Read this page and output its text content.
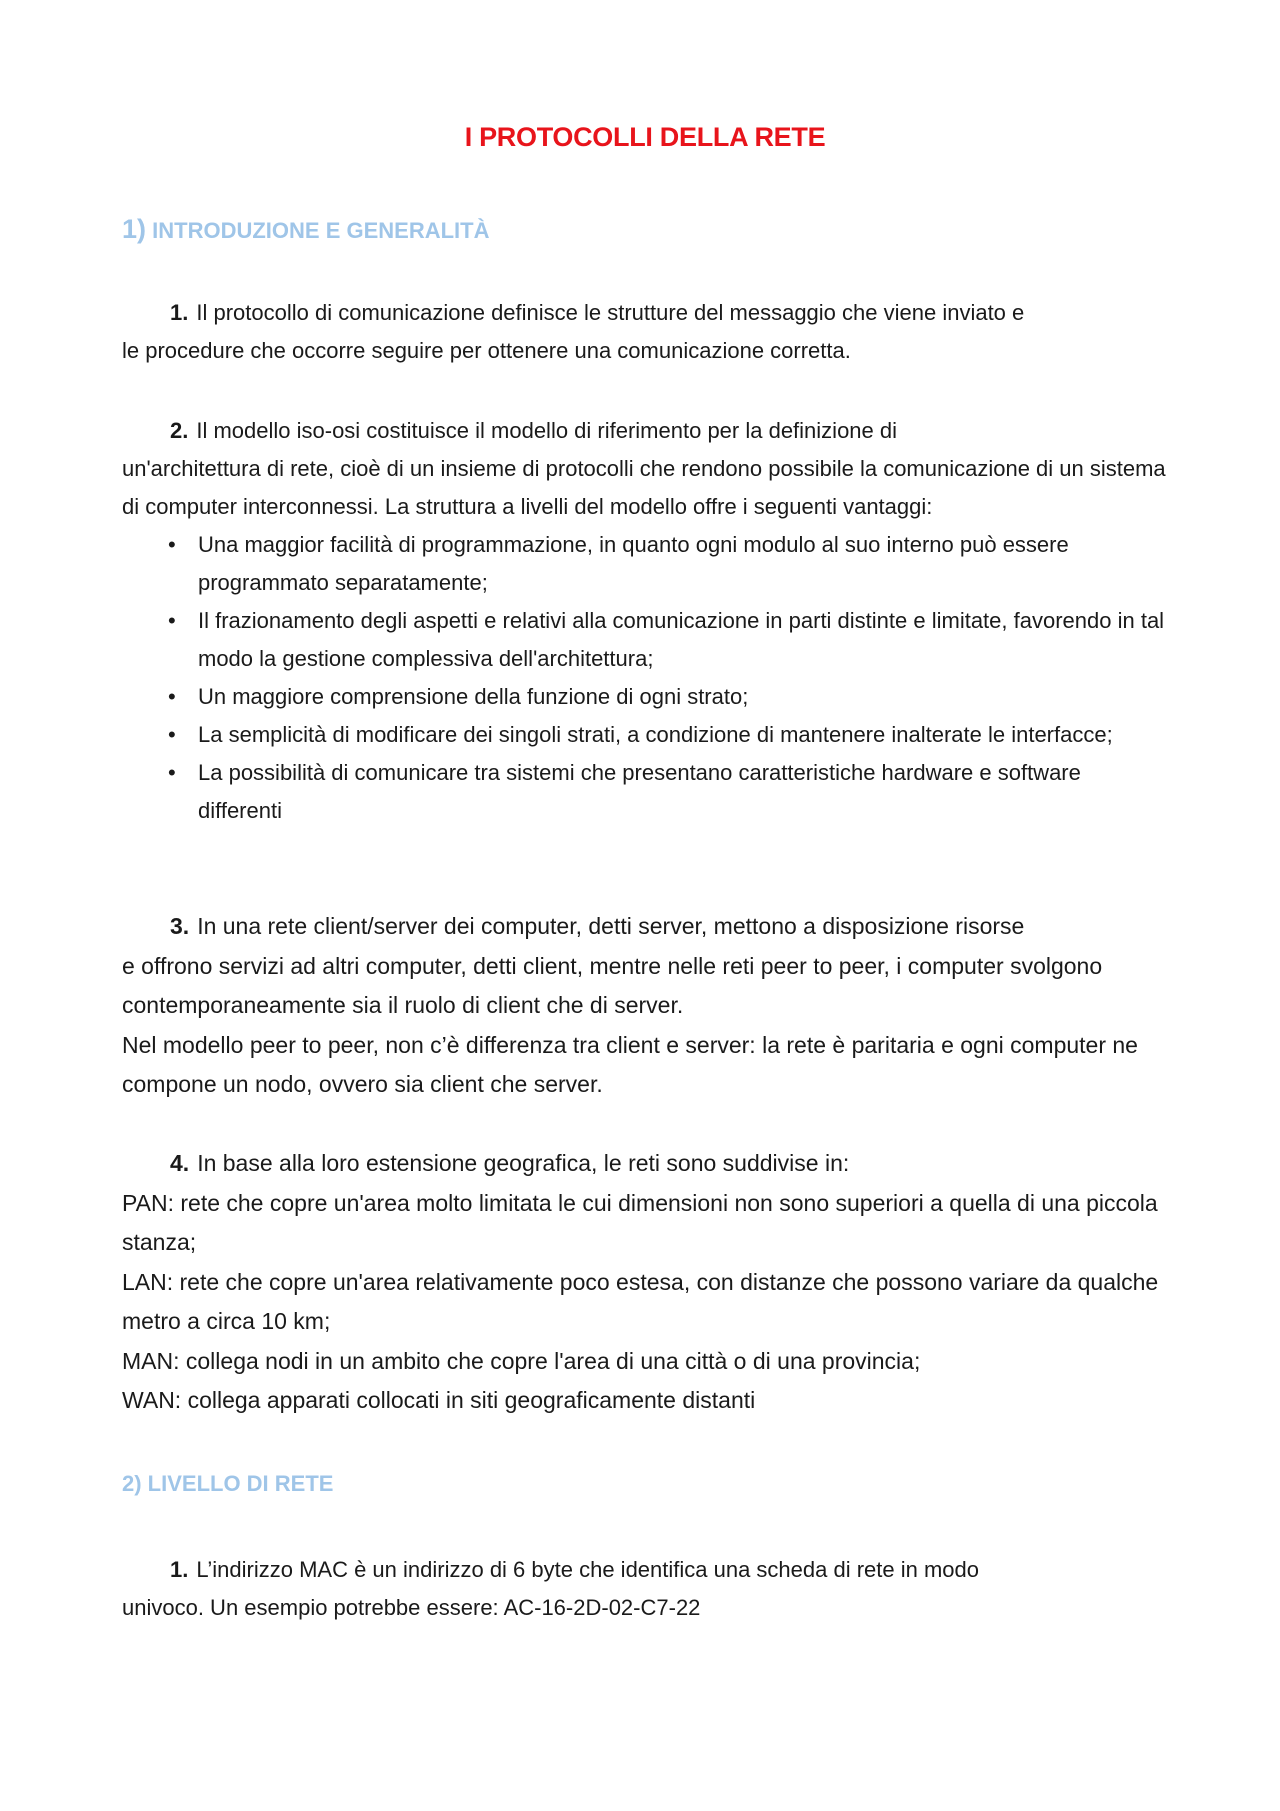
I PROTOCOLLI DELLA RETE
1) INTRODUZIONE E GENERALITÀ

1. Il protocollo di comunicazione definisce le strutture del messaggio che viene inviato e

le procedure che occorre seguire per ottenere una comunicazione corretta.

2. Il modello iso-osi costituisce il modello di riferimento per la definizione di

un'architettura di rete, cioè di un insieme di protocolli che rendono possibile la comunicazione di un sistema di computer interconnessi. La struttura a livelli del modello offre i seguenti vantaggi:

• Una maggior facilità di programmazione, in quanto ogni modulo al suo interno può essere programmato separatamente;
• Il frazionamento degli aspetti e relativi alla comunicazione in parti distinte e limitate, favorendo in tal modo la gestione complessiva dell'architettura;
• Un maggiore comprensione della funzione di ogni strato;
• La semplicità di modificare dei singoli strati, a condizione di mantenere inalterate le interfacce;
• La possibilità di comunicare tra sistemi che presentano caratteristiche hardware e software differenti

3. In una rete client/server dei computer, detti server, mettono a disposizione risorse

e offrono servizi ad altri computer, detti client, mentre nelle reti peer to peer, i computer svolgono contemporaneamente sia il ruolo di client che di server.

Nel modello peer to peer, non c’è differenza tra client e server: la rete è paritaria e ogni computer ne compone un nodo, ovvero sia client che server.

4. In base alla loro estensione geografica, le reti sono suddivise in:

PAN: rete che copre un'area molto limitata le cui dimensioni non sono superiori a quella di una piccola stanza;

LAN: rete che copre un'area relativamente poco estesa, con distanze che possono variare da qualche metro a circa 10 km;

MAN: collega nodi in un ambito che copre l'area di una città o di una provincia;

WAN: collega apparati collocati in siti geograficamente distanti

2) LIVELLO DI RETE

1. L’indirizzo MAC è un indirizzo di 6 byte che identifica una scheda di rete in modo

univoco. Un esempio potrebbe essere: AC-16-2D-02-C7-22
